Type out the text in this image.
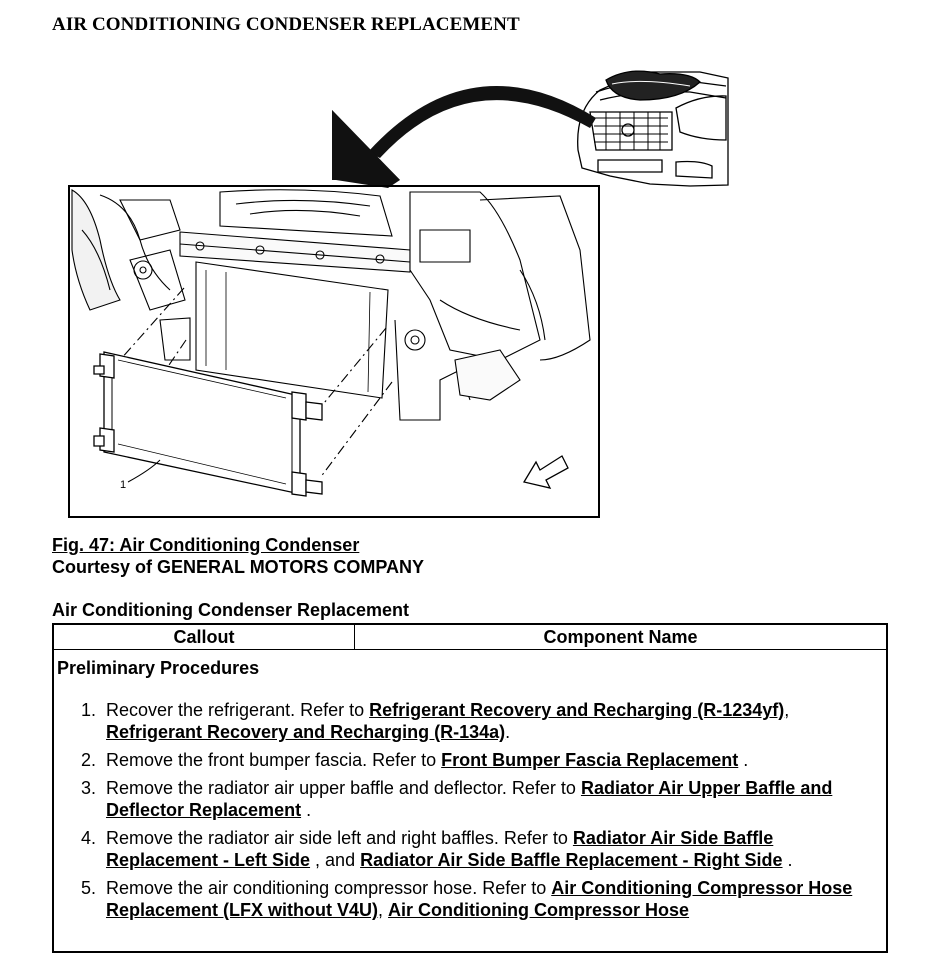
AIR CONDITIONING CONDENSER REPLACEMENT
1
Fig. 47: Air Conditioning Condenser
Courtesy of GENERAL MOTORS COMPANY
Air Conditioning Condenser Replacement
Callout	Component Name
Preliminary Procedures
1. Recover the refrigerant. Refer to Refrigerant Recovery and Recharging (R-1234yf), Refrigerant Recovery and Recharging (R-134a).
2. Remove the front bumper fascia. Refer to Front Bumper Fascia Replacement .
3. Remove the radiator air upper baffle and deflector. Refer to Radiator Air Upper Baffle and Deflector Replacement .
4. Remove the radiator air side left and right baffles. Refer to Radiator Air Side Baffle Replacement - Left Side , and Radiator Air Side Baffle Replacement - Right Side .
5. Remove the air conditioning compressor hose. Refer to Air Conditioning Compressor Hose Replacement (LFX without V4U), Air Conditioning Compressor Hose
